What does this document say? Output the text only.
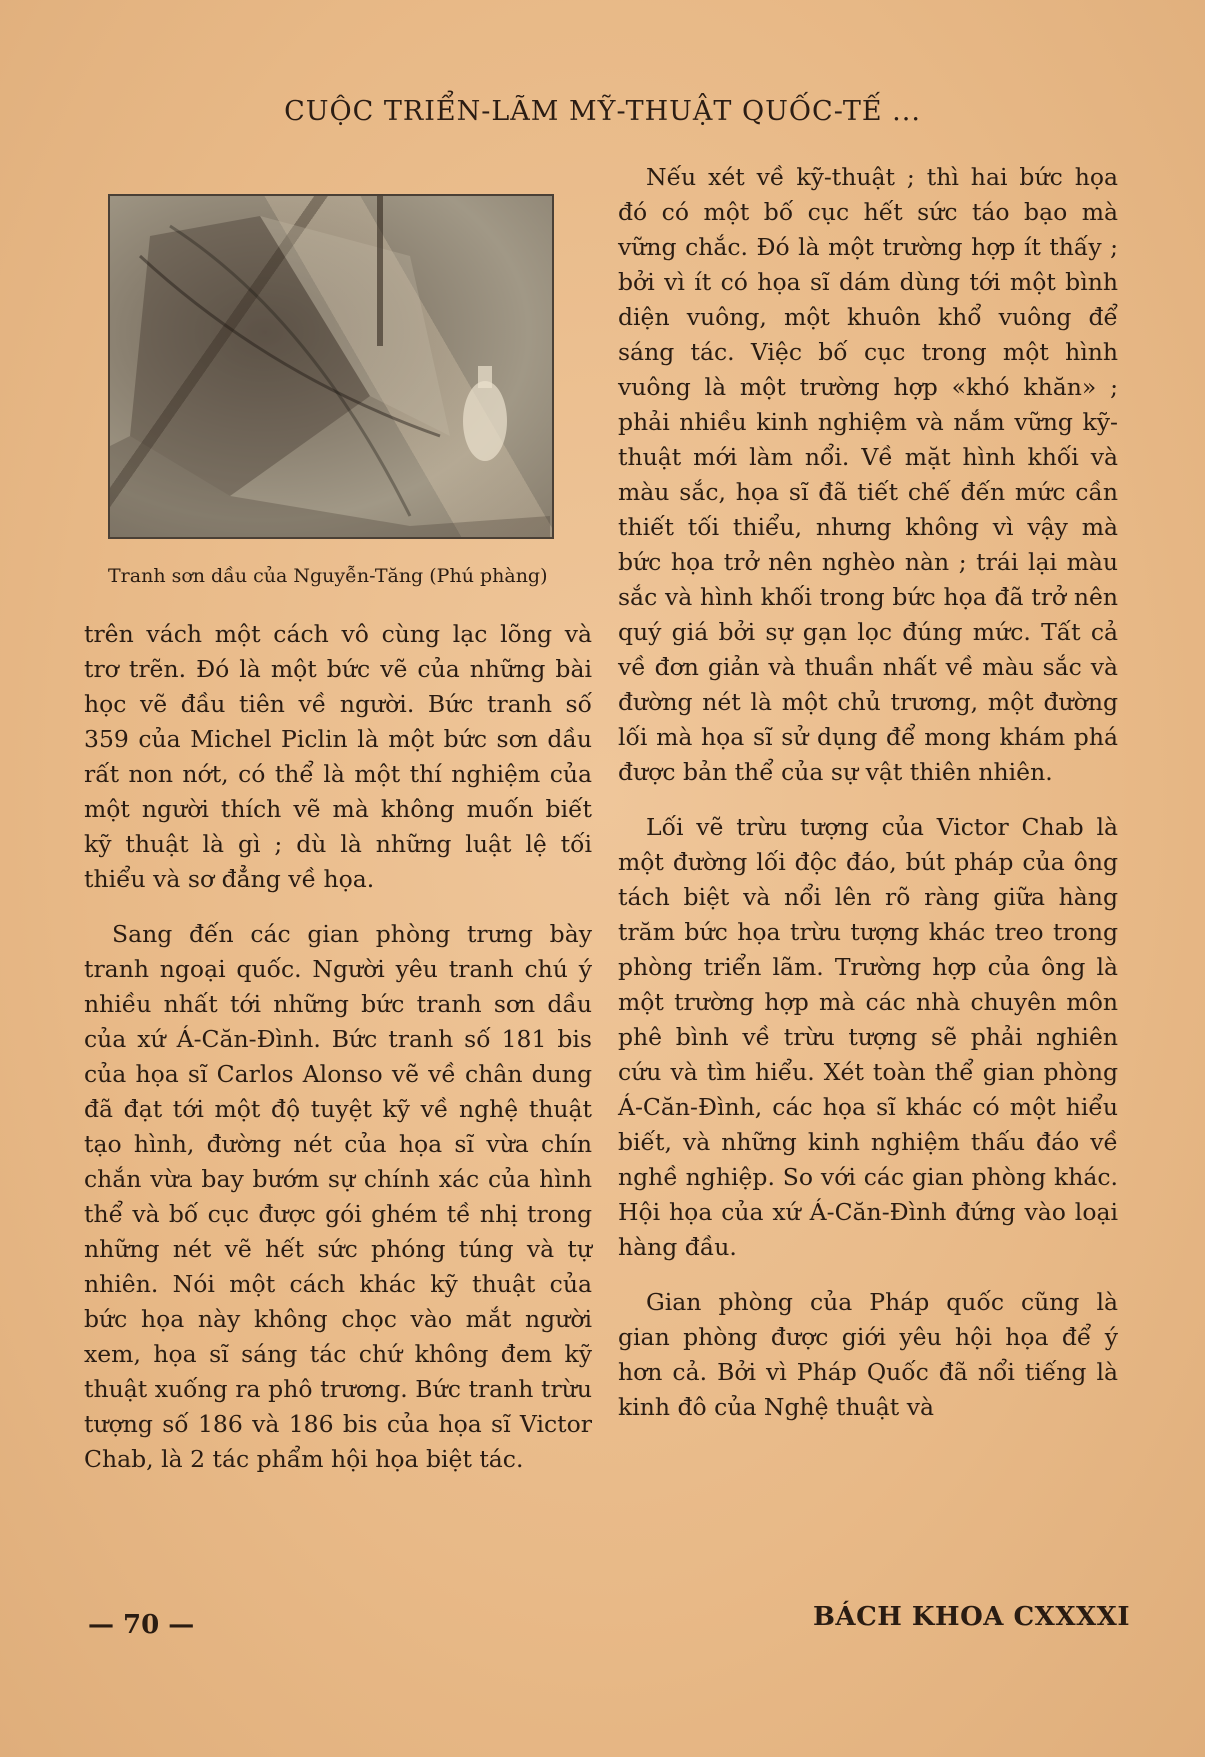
CUỘC TRIỂN-LÃM MỸ-THUẬT QUỐC-TẾ ...
Tranh sơn dầu của Nguyễn-Tăng (Phú phàng)

trên vách một cách vô cùng lạc lõng và trơ trẽn. Đó là một bức vẽ của những bài học vẽ đầu tiên về người. Bức tranh số 359 của Michel Piclin là một bức sơn dầu rất non nớt, có thể là một thí nghiệm của một người thích vẽ mà không muốn biết kỹ thuật là gì ; dù là những luật lệ tối thiểu và sơ đẳng về họa.

Sang đến các gian phòng trưng bày tranh ngoại quốc. Người yêu tranh chú ý nhiều nhất tới những bức tranh sơn dầu của xứ Á-Căn-Đình. Bức tranh số 181 bis của họa sĩ Carlos Alonso vẽ về chân dung đã đạt tới một độ tuyệt kỹ về nghệ thuật tạo hình, đường nét của họa sĩ vừa chín chắn vừa bay bướm sự chính xác của hình thể và bố cục được gói ghém tề nhị trong những nét vẽ hết sức phóng túng và tự nhiên. Nói một cách khác kỹ thuật của bức họa này không chọc vào mắt người xem, họa sĩ sáng tác chứ không đem kỹ thuật xuống ra phô trương. Bức tranh trừu tượng số 186 và 186 bis của họa sĩ Victor Chab, là 2 tác phẩm hội họa biệt tác.

Nếu xét về kỹ-thuật ; thì hai bức họa đó có một bố cục hết sức táo bạo mà vững chắc. Đó là một trường hợp ít thấy ; bởi vì ít có họa sĩ dám dùng tới một bình diện vuông, một khuôn khổ vuông để sáng tác. Việc bố cục trong một hình vuông là một trường hợp «khó khăn» ; phải nhiều kinh nghiệm và nắm vững kỹ-thuật mới làm nổi. Về mặt hình khối và màu sắc, họa sĩ đã tiết chế đến mức cần thiết tối thiểu, nhưng không vì vậy mà bức họa trở nên nghèo nàn ; trái lại màu sắc và hình khối trong bức họa đã trở nên quý giá bởi sự gạn lọc đúng mức. Tất cả về đơn giản và thuần nhất về màu sắc và đường nét là một chủ trương, một đường lối mà họa sĩ sử dụng để mong khám phá được bản thể của sự vật thiên nhiên.

Lối vẽ trừu tượng của Victor Chab là một đường lối độc đáo, bút pháp của ông tách biệt và nổi lên rõ ràng giữa hàng trăm bức họa trừu tượng khác treo trong phòng triển lãm. Trường hợp của ông là một trường hợp mà các nhà chuyên môn phê bình về trừu tượng sẽ phải nghiên cứu và tìm hiểu. Xét toàn thể gian phòng Á-Căn-Đình, các họa sĩ khác có một hiểu biết, và những kinh nghiệm thấu đáo về nghề nghiệp. So với các gian phòng khác. Hội họa của xứ Á-Căn-Đình đứng vào loại hàng đầu.

Gian phòng của Pháp quốc cũng là gian phòng được giới yêu hội họa để ý hơn cả. Bởi vì Pháp Quốc đã nổi tiếng là kinh đô của Nghệ thuật và

— 70 —	BÁCH KHOA CXXXXI
